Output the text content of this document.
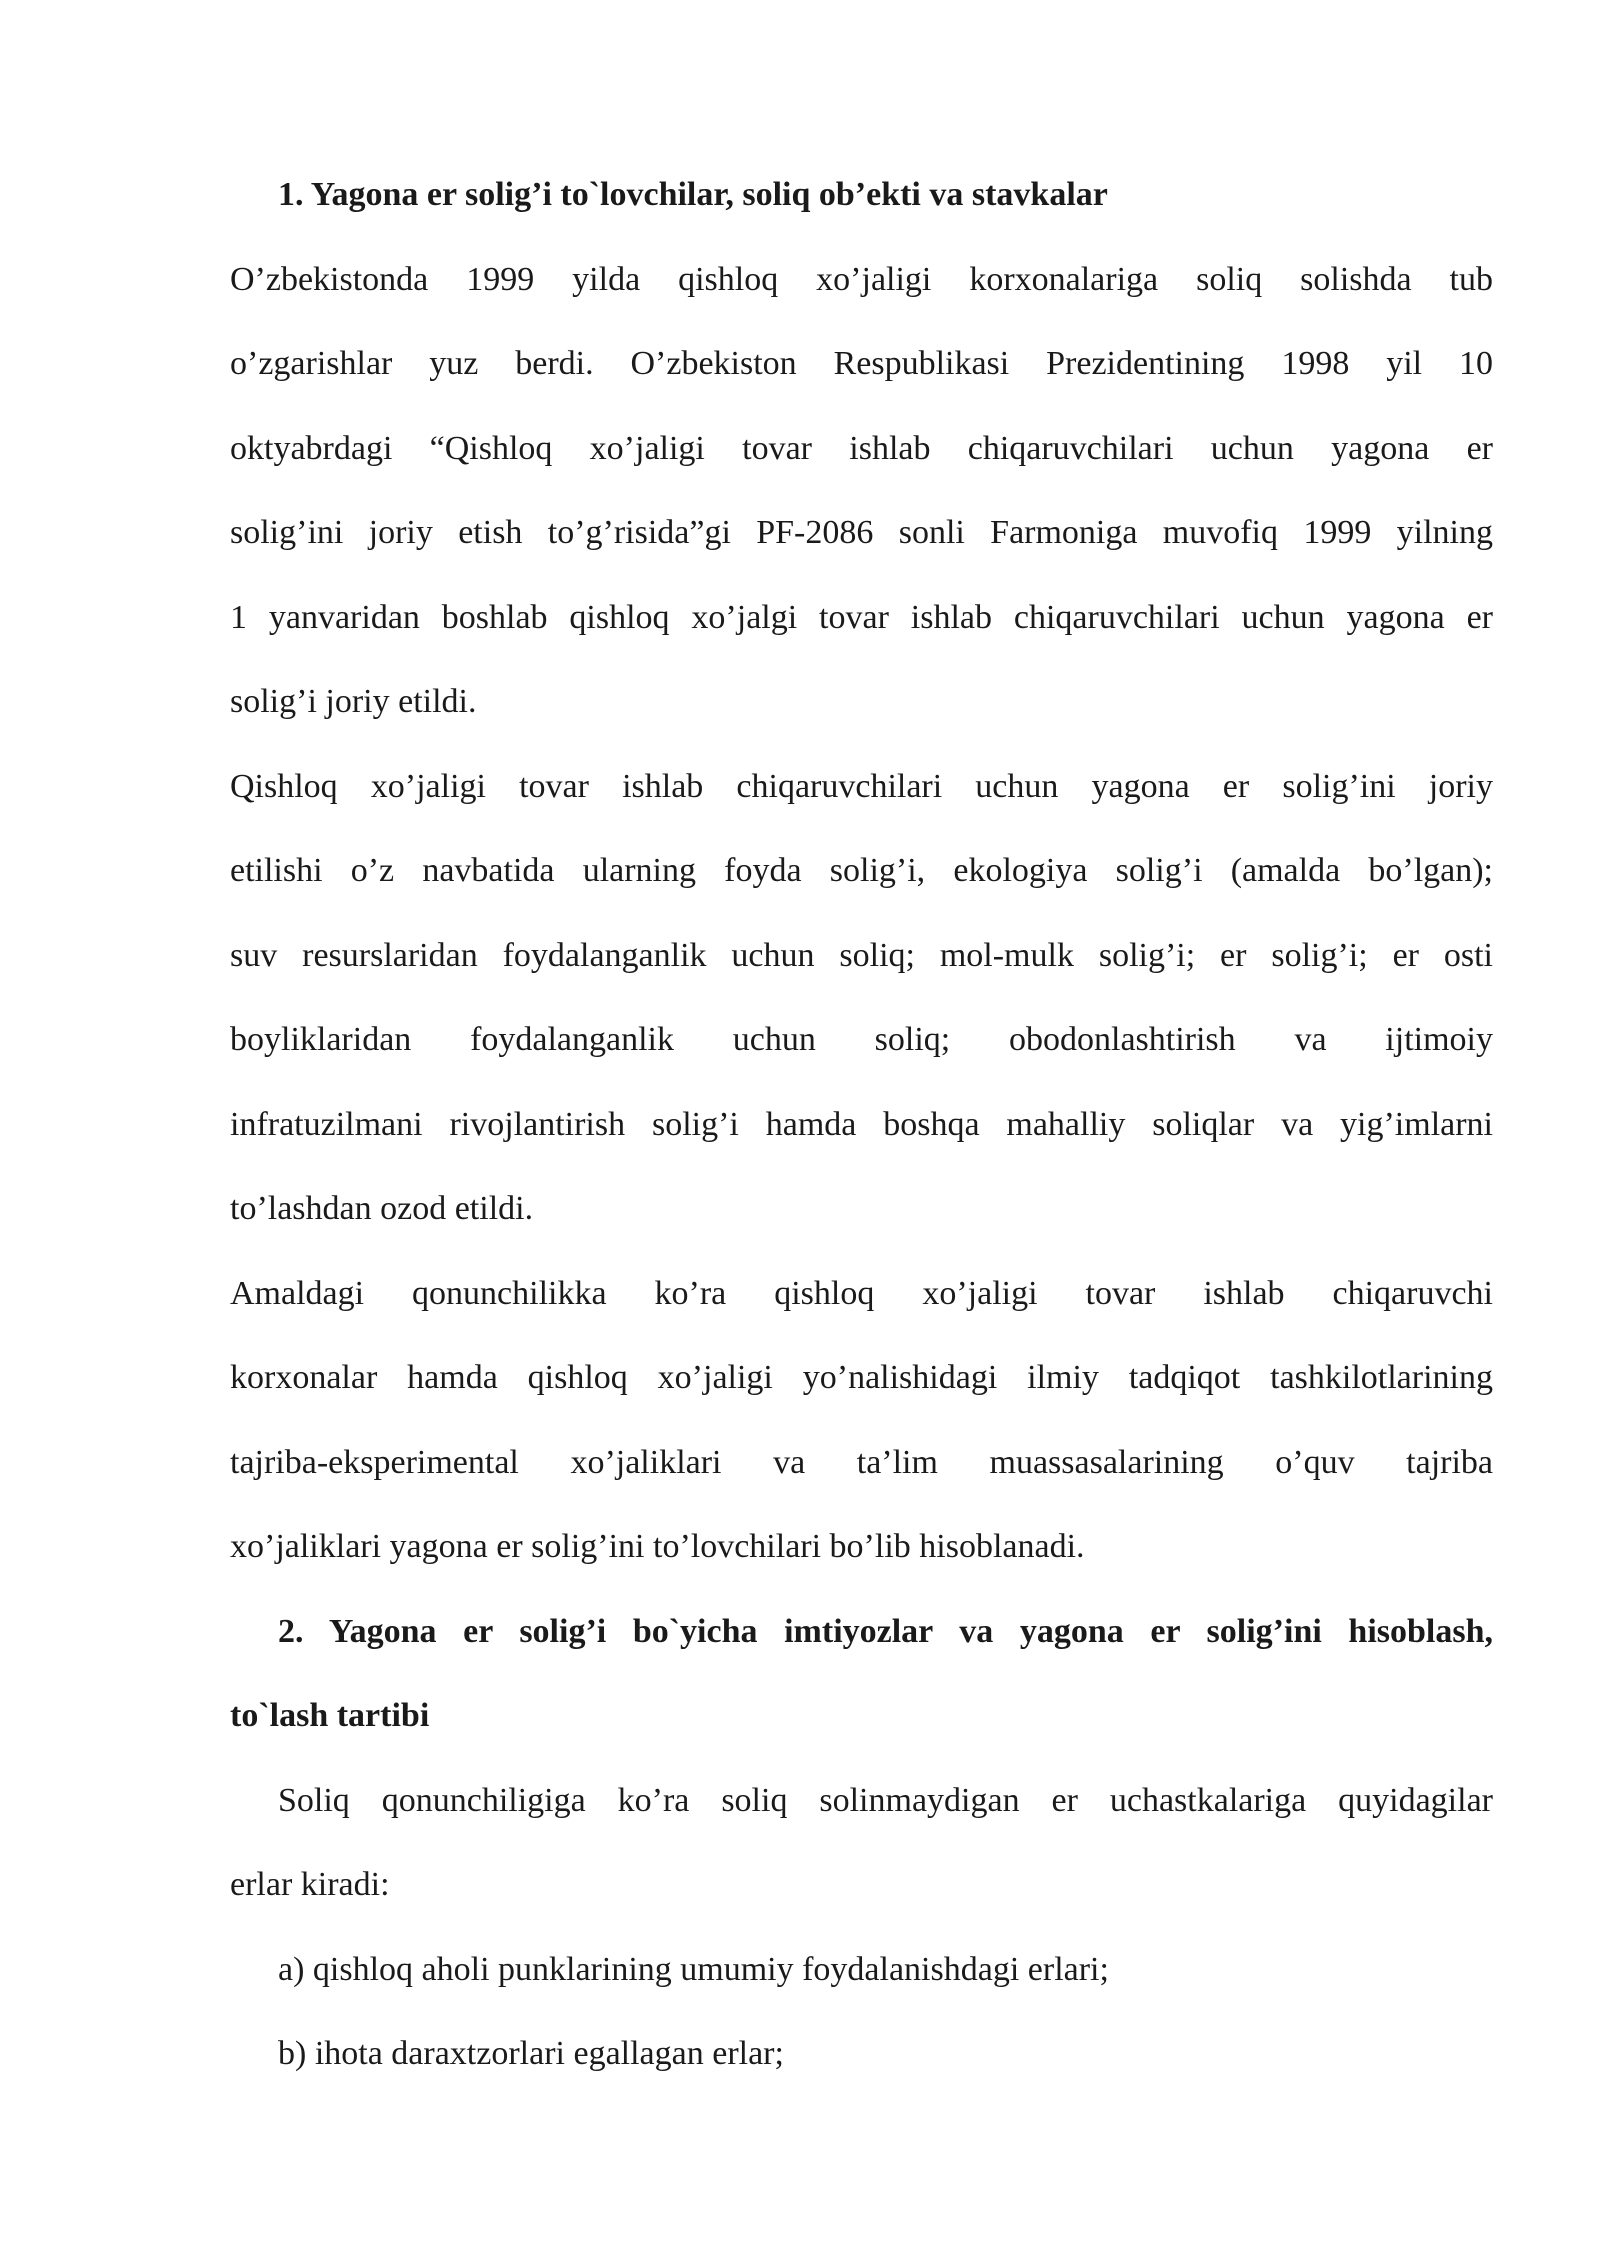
1. Yagona er solig’i to`lovchilar, soliq ob’ekti va stavkalar
O’zbekistonda 1999 yilda qishloq xo’jaligi korxonalariga soliq solishda tub
o’zgarishlar yuz berdi. O’zbekiston Respublikasi Prezidentining 1998 yil 10
oktyabrdagi “Qishloq xo’jaligi tovar ishlab chiqaruvchilari uchun yagona er
solig’ini joriy etish to’g’risida”gi PF-2086 sonli Farmoniga muvofiq 1999 yilning
1 yanvaridan boshlab qishloq xo’jalgi tovar ishlab chiqaruvchilari uchun yagona er
solig’i joriy etildi.
Qishloq xo’jaligi tovar ishlab chiqaruvchilari uchun yagona er solig’ini joriy
etilishi o’z navbatida ularning foyda solig’i, ekologiya solig’i (amalda bo’lgan);
suv resurslaridan foydalanganlik uchun soliq; mol-mulk solig’i; er solig’i; er osti
boyliklaridan foydalanganlik uchun soliq; obodonlashtirish va ijtimoiy
infratuzilmani rivojlantirish solig’i hamda boshqa mahalliy soliqlar va yig’imlarni
to’lashdan ozod etildi.
Amaldagi qonunchilikka ko’ra qishloq xo’jaligi tovar ishlab chiqaruvchi
korxonalar hamda qishloq xo’jaligi yo’nalishidagi ilmiy tadqiqot tashkilotlarining
tajriba-eksperimental xo’jaliklari va ta’lim muassasalarining o’quv tajriba
xo’jaliklari yagona er solig’ini to’lovchilari bo’lib hisoblanadi.
2. Yagona er solig’i bo`yicha imtiyozlar va yagona er solig’ini hisoblash,
to`lash tartibi
Soliq qonunchiligiga ko’ra soliq solinmaydigan er uchastkalariga quyidagilar
erlar kiradi:
a) qishloq aholi punklarining umumiy foydalanishdagi erlari;
b) ihota daraxtzorlari egallagan erlar;
